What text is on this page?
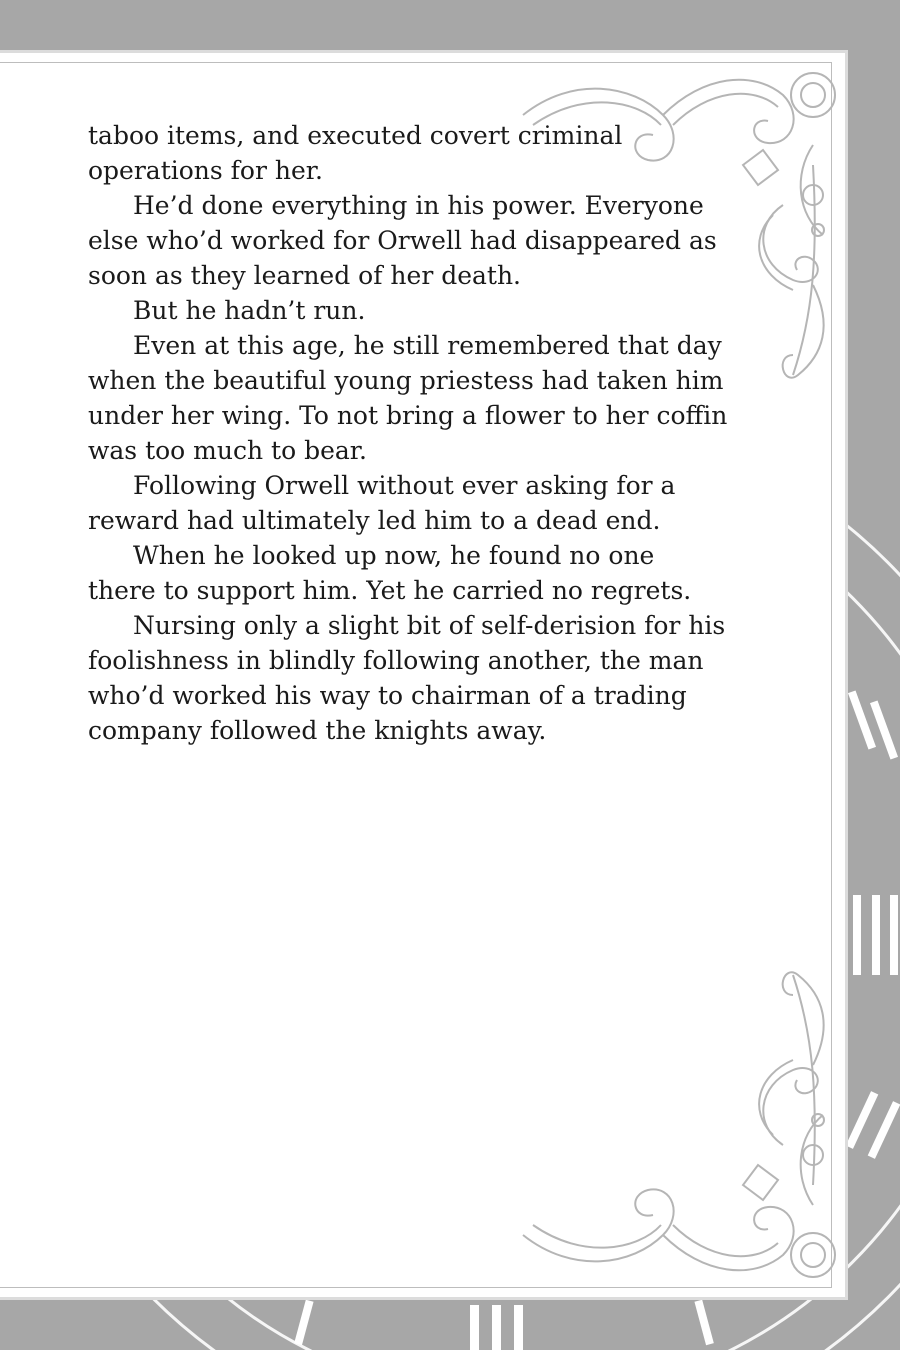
taboo items, and executed covert criminal operations for her.

He’d done everything in his power. Everyone else who’d worked for Orwell had disappeared as soon as they learned of her death.

But he hadn’t run.

Even at this age, he still remembered that day when the beautiful young priestess had taken him under her wing. To not bring a flower to her coffin was too much to bear.

Following Orwell without ever asking for a reward had ultimately led him to a dead end.

When he looked up now, he found no one there to support him. Yet he carried no regrets.

Nursing only a slight bit of self-derision for his foolishness in blindly following another, the man who’d worked his way to chairman of a trading company followed the knights away.
